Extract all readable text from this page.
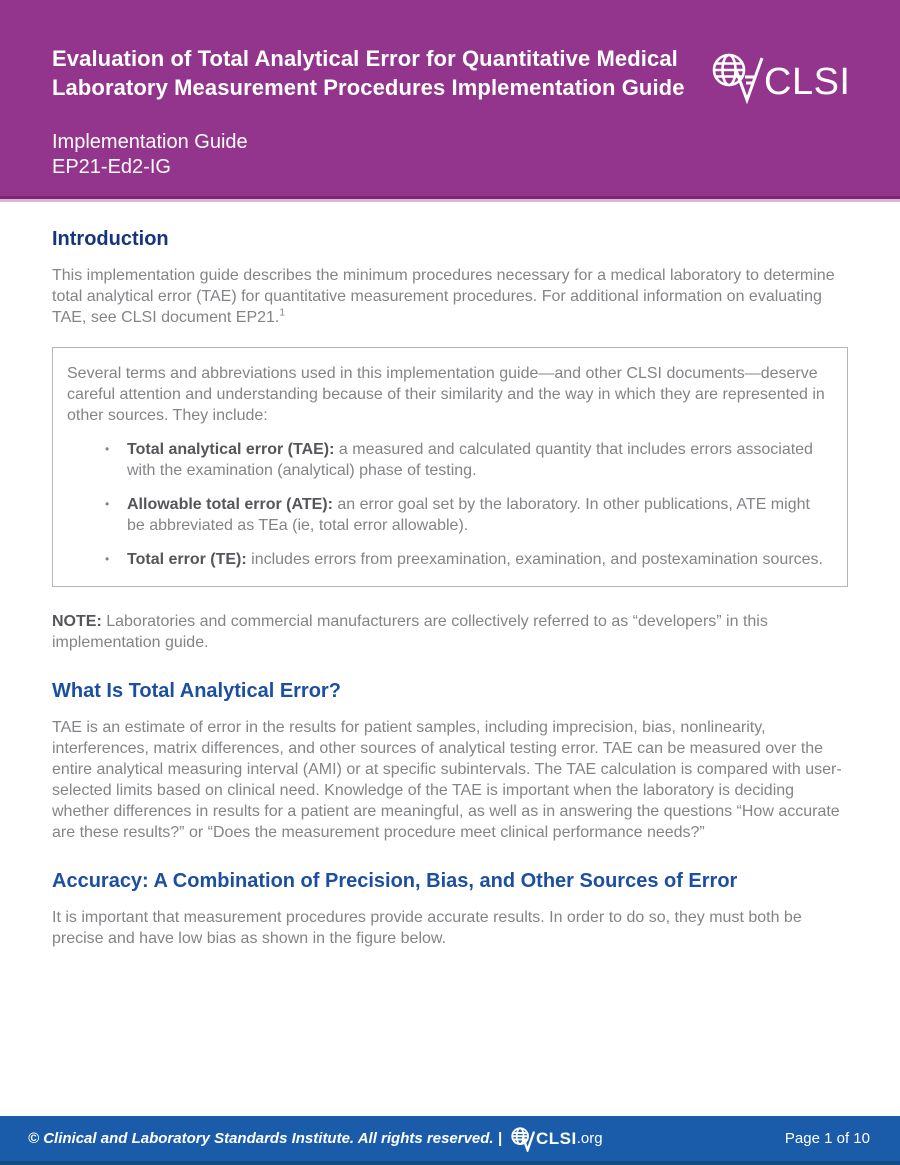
Evaluation of Total Analytical Error for Quantitative Medical
Laboratory Measurement Procedures Implementation Guide CLSI
Implementation Guide
EP21-Ed2-IG
Introduction

This implementation guide describes the minimum procedures necessary for a medical laboratory to determine total analytical error (TAE) for quantitative measurement procedures. For additional information on evaluating TAE, see CLSI document EP21.$^1$

Several terms and abbreviations used in this implementation guide—and other CLSI documents—deserve careful attention and understanding because of their similarity and the way in which they are represented in other sources. They include:

•	Total analytical error (TAE): a measured and calculated quantity that includes errors associated with the examination (analytical) phase of testing.
•	Allowable total error (ATE): an error goal set by the laboratory. In other publications, ATE might be abbreviated as TEa (ie, total error allowable).
•	Total error (TE): includes errors from preexamination, examination, and postexamination sources.

NOTE: Laboratories and commercial manufacturers are collectively referred to as “developers” in this implementation guide.

What Is Total Analytical Error?

TAE is an estimate of error in the results for patient samples, including imprecision, bias, nonlinearity, interferences, matrix differences, and other sources of analytical testing error. TAE can be measured over the entire analytical measuring interval (AMI) or at specific subintervals. The TAE calculation is compared with user-selected limits based on clinical need. Knowledge of the TAE is important when the laboratory is deciding whether differences in results for a patient are meaningful, as well as in answering the questions “How accurate are these results?” or “Does the measurement procedure meet clinical performance needs?”

Accuracy: A Combination of Precision, Bias, and Other Sources of Error

It is important that measurement procedures provide accurate results. In order to do so, they must both be precise and have low bias as shown in the figure below.

© Clinical and Laboratory Standards Institute. All rights reserved. | CLSI .org	Page 1 of 10
